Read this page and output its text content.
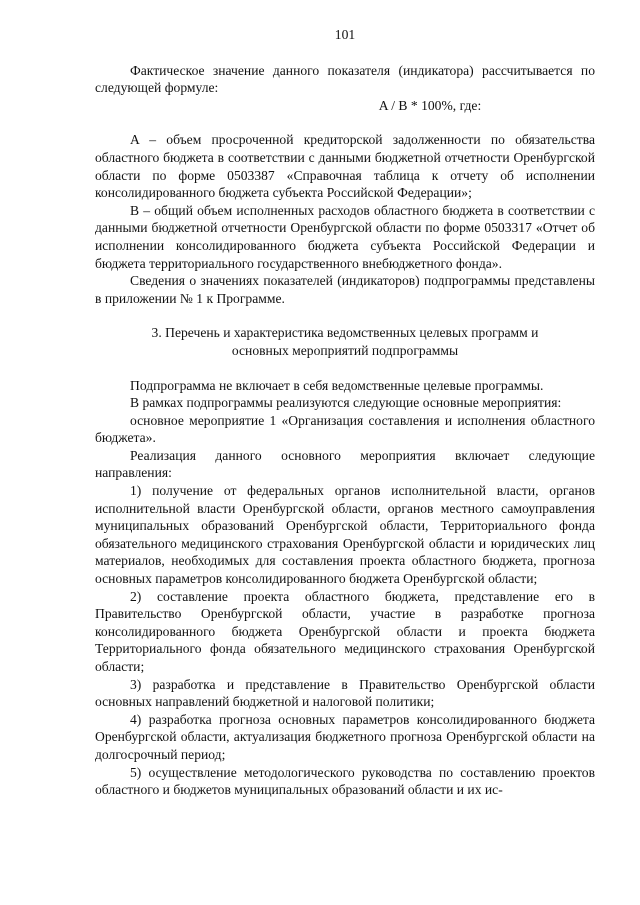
101

Фактическое значение данного показателя (индикатора) рассчитывается по следующей формуле:

A / B * 100%, где:

A – объем просроченной кредиторской задолженности по обязательства областного бюджета в соответствии с данными бюджетной отчетности Оренбургской области по форме 0503387 «Справочная таблица к отчету об исполнении консолидированного бюджета субъекта Российской Федерации»;

B – общий объем исполненных расходов областного бюджета в соответствии с данными бюджетной отчетности Оренбургской области по форме 0503317 «Отчет об исполнении консолидированного бюджета субъекта Российской Федерации и бюджета территориального государственного внебюджетного фонда».

Сведения о значениях показателей (индикаторов) подпрограммы представлены в приложении № 1 к Программе.

3. Перечень и характеристика ведомственных целевых программ и основных мероприятий подпрограммы

Подпрограмма не включает в себя ведомственные целевые программы.

В рамках подпрограммы реализуются следующие основные мероприятия:

основное мероприятие 1 «Организация составления и исполнения областного бюджета».

Реализация данного основного мероприятия включает следующие направления:

1) получение от федеральных органов исполнительной власти, органов исполнительной власти Оренбургской области, органов местного самоуправления муниципальных образований Оренбургской области, Территориального фонда обязательного медицинского страхования Оренбургской области и юридических лиц материалов, необходимых для составления проекта областного бюджета, прогноза основных параметров консолидированного бюджета Оренбургской области;

2) составление проекта областного бюджета, представление его в Правительство Оренбургской области, участие в разработке прогноза консолидированного бюджета Оренбургской области и проекта бюджета Территориального фонда обязательного медицинского страхования Оренбургской области;

3) разработка и представление в Правительство Оренбургской области основных направлений бюджетной и налоговой политики;

4) разработка прогноза основных параметров консолидированного бюджета Оренбургской области, актуализация бюджетного прогноза Оренбургской области на долгосрочный период;

5) осуществление методологического руководства по составлению проектов областного и бюджетов муниципальных образований области и их ис-
